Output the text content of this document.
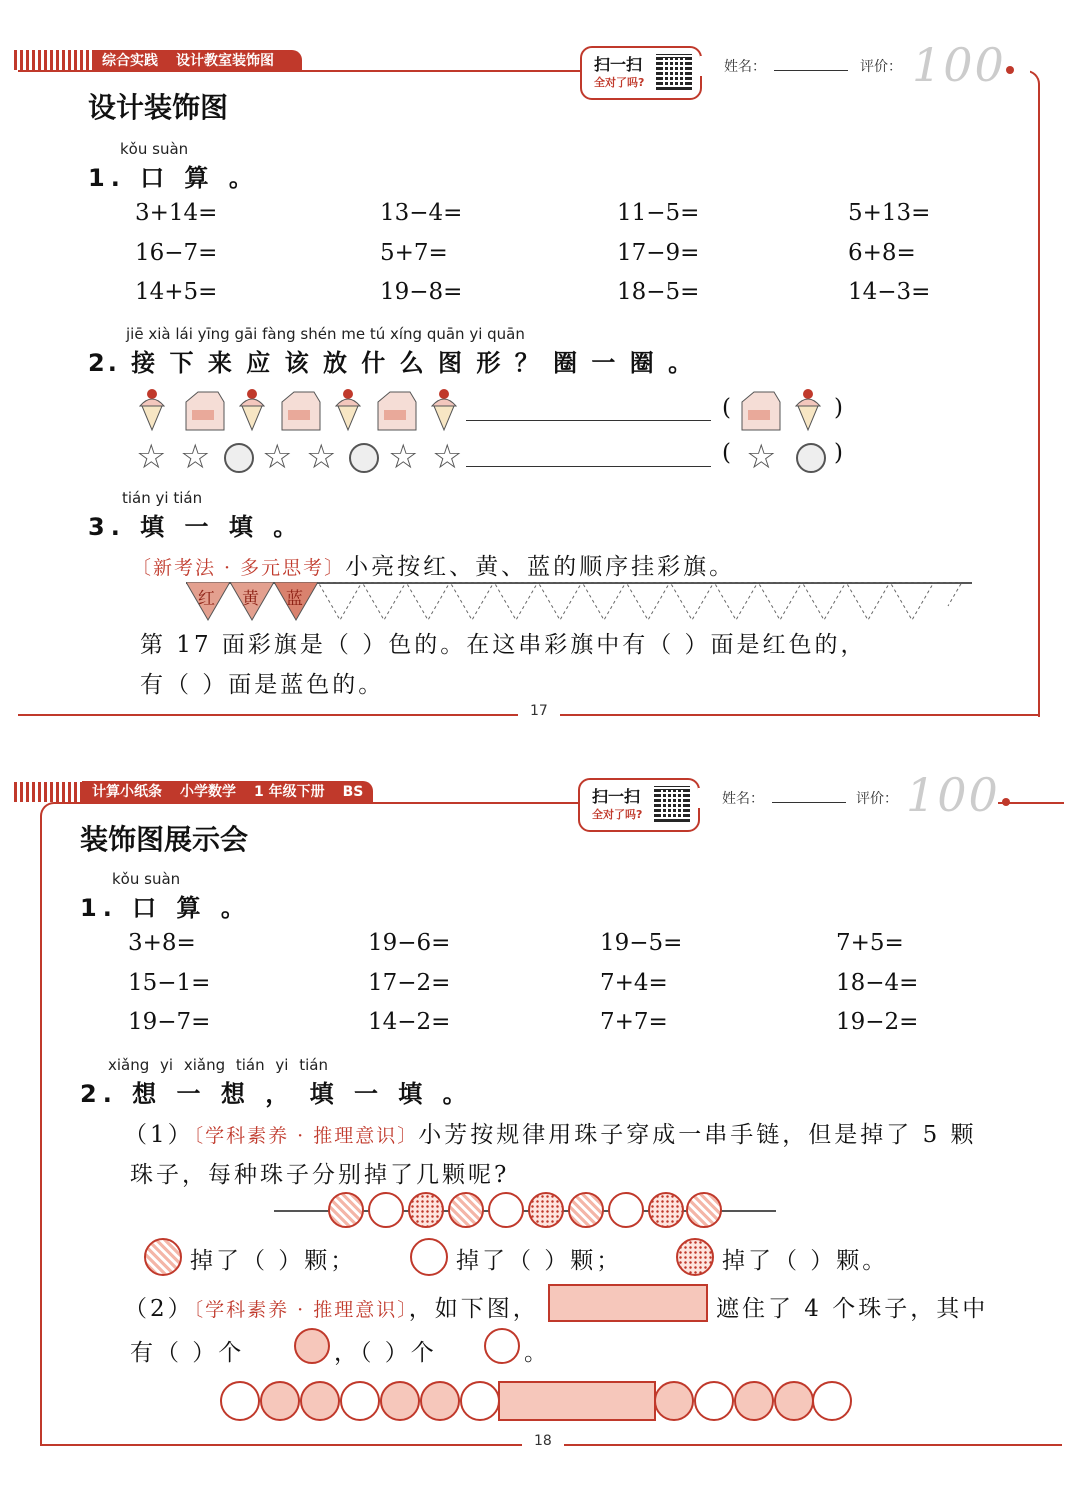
综合实践 设计教室装饰图	扫一扫
全对了吗?
姓名：	评价： 100
设计装饰图
kǒu suàn
1. 口 算 。
3+14=	13−4=	11−5=	5+13=
16−7=	5+7=	17−9=	6+8=
14+5=	19−8=	18−5=	14−3=
jiē xià lái yīng gāi fàng shén me tú xíng quān yi quān
2. 接 下 来 应 该 放 什 么 图 形 ？ 圈 一 圈 。
(	)
☆ ☆ ☆ ☆ ☆ ☆	( ☆	)
tián yi tián
3. 填 一 填 。
〔新考法 · 多元思考〕小亮按红、黄、蓝的顺序挂彩旗。
红 黄 蓝
第 17 面彩旗是（ ）色的。在这串彩旗中有（ ）面是红色的，
有（ ）面是蓝色的。
17
计算小纸条 小学数学 1 年级下册 BS	扫一扫
全对了吗?
姓名：	评价： 100
装饰图展示会
kǒu suàn
1. 口 算 。
3+8=	19−6=	19−5=	7+5=
15−1=	17−2=	7+4=	18−4=
19−7=	14−2=	7+7=	19−2=
xiǎng yi xiǎng tián yi tián
2. 想 一 想 ， 填 一 填 。
（1）〔学科素养 · 推理意识〕小芳按规律用珠子穿成一串手链，但是掉了 5 颗
珠子，每种珠子分别掉了几颗呢?
掉了（ ）颗；	掉了（ ）颗；	掉了（ ）颗。
（2）〔学科素养 · 推理意识〕，如下图，	遮住了 4 个珠子，其中
有（ ）个	，（ ）个	。
18
